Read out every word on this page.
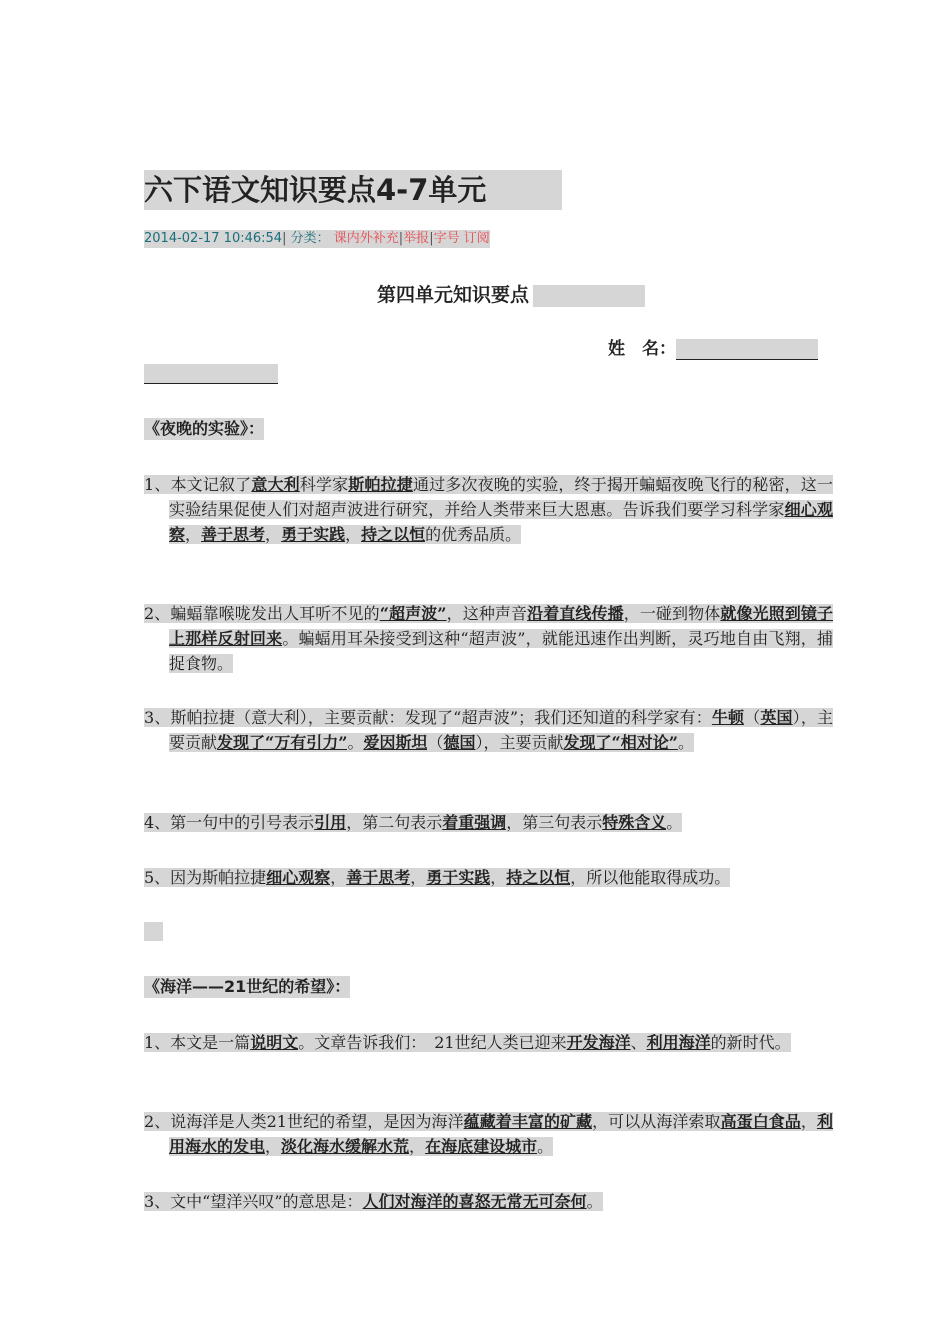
六下语文知识要点4-7单元
2014-02-17 10:46:54| 分类： 课内外补充|举报|字号 订阅
第四单元知识要点
姓　名：
《夜晚的实验》：
1、本文记叙了意大利科学家斯帕拉捷通过多次夜晚的实验，终于揭开蝙蝠夜晚飞行的秘密，这一实验结果促使人们对超声波进行研究，并给人类带来巨大恩惠。告诉我们要学习科学家细心观察，善于思考，勇于实践，持之以恒的优秀品质。
2、蝙蝠靠喉咙发出人耳听不见的“超声波”，这种声音沿着直线传播，一碰到物体就像光照到镜子上那样反射回来。蝙蝠用耳朵接受到这种“超声波”，就能迅速作出判断，灵巧地自由飞翔，捕捉食物。
3、斯帕拉捷（意大利），主要贡献：发现了“超声波”；我们还知道的科学家有：牛顿（英国），主要贡献发现了“万有引力”。爱因斯坦（德国），主要贡献发现了“相对论”。
4、第一句中的引号表示引用，第二句表示着重强调，第三句表示特殊含义。
5、因为斯帕拉捷细心观察，善于思考，勇于实践，持之以恒，所以他能取得成功。
《海洋——21世纪的希望》：
1、本文是一篇说明文。文章告诉我们：　21世纪人类已迎来开发海洋、利用海洋的新时代。
2、说海洋是人类21世纪的希望，是因为海洋蕴藏着丰富的矿藏，可以从海洋索取高蛋白食品，利用海水的发电，淡化海水缓解水荒，在海底建设城市。
3、文中“望洋兴叹”的意思是：人们对海洋的喜怒无常无可奈何。
